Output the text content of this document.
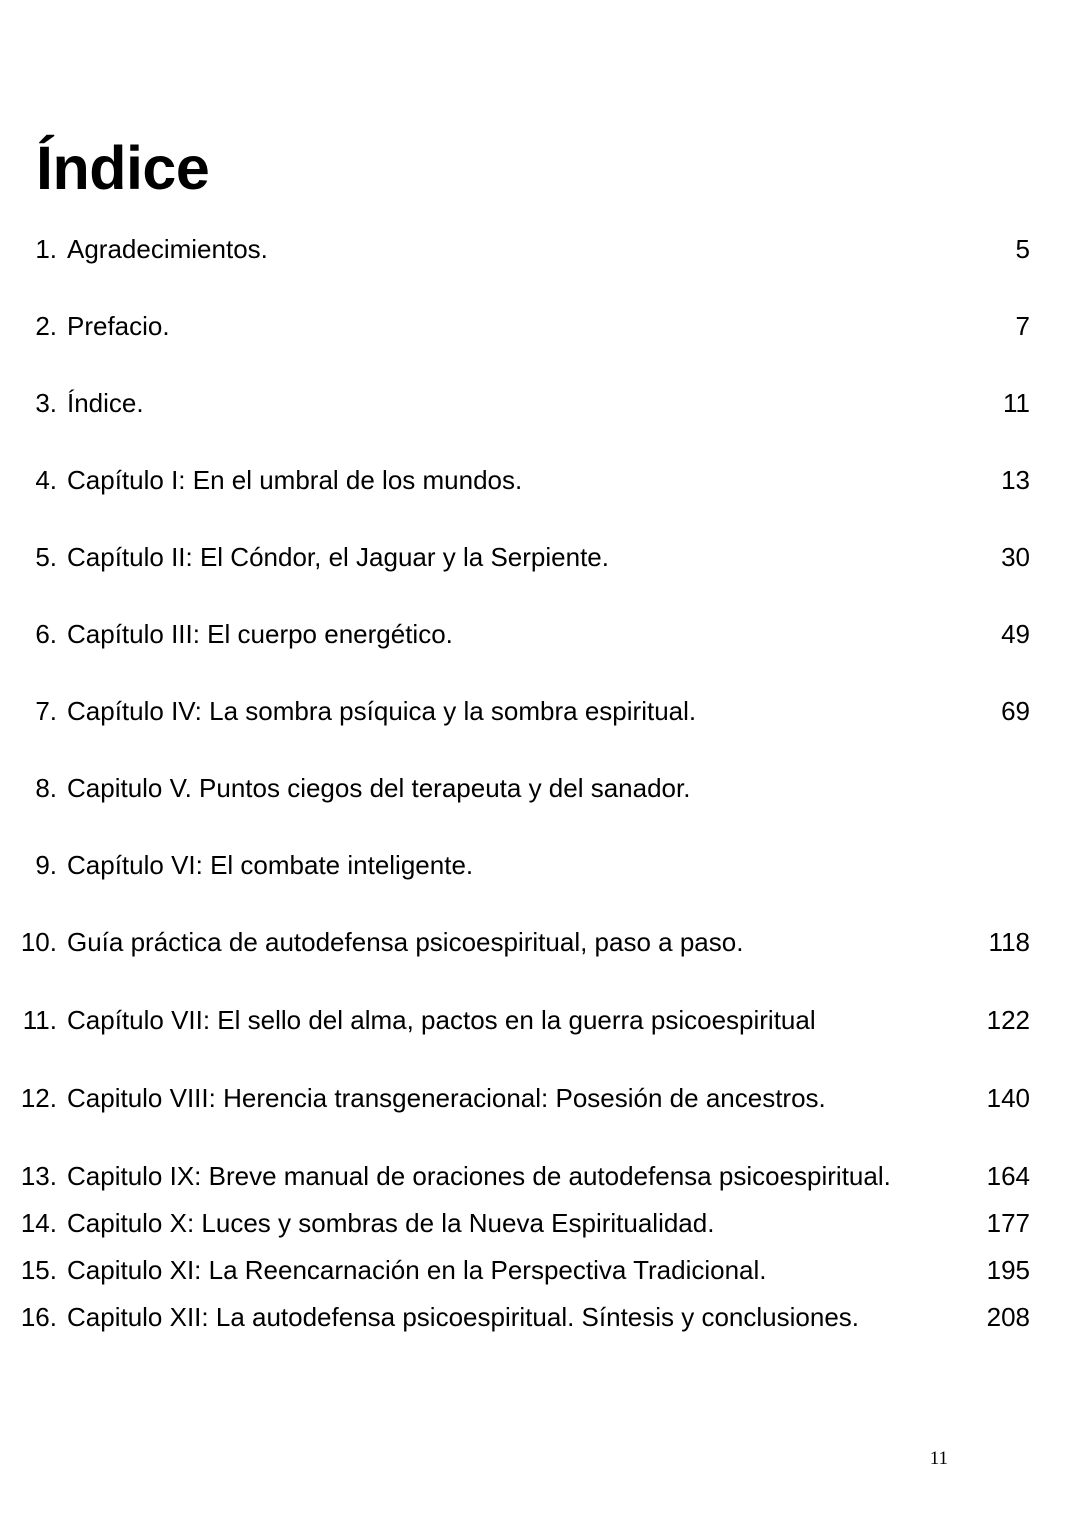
Índice
1. Agradecimientos.	5
2. Prefacio.	7
3. Índice.	11
4. Capítulo I: En el umbral de los mundos.	13
5. Capítulo II: El Cóndor, el Jaguar y la Serpiente.	30
6. Capítulo III: El cuerpo energético.	49
7. Capítulo IV: La sombra psíquica y la sombra espiritual.	69
8. Capitulo V. Puntos ciegos del terapeuta y del sanador.
9. Capítulo VI: El combate inteligente.
10. Guía práctica de autodefensa psicoespiritual, paso a paso.	118
11. Capítulo VII: El sello del alma, pactos en la guerra psicoespiritual	122
12. Capitulo VIII: Herencia transgeneracional: Posesión de ancestros.	140
13. Capitulo IX: Breve manual de oraciones de autodefensa psicoespiritual.	164
14. Capitulo X: Luces y sombras de la Nueva Espiritualidad.	177
15. Capitulo XI: La Reencarnación en la Perspectiva Tradicional.	195
16. Capitulo XII: La autodefensa psicoespiritual. Síntesis y conclusiones.	208
11
